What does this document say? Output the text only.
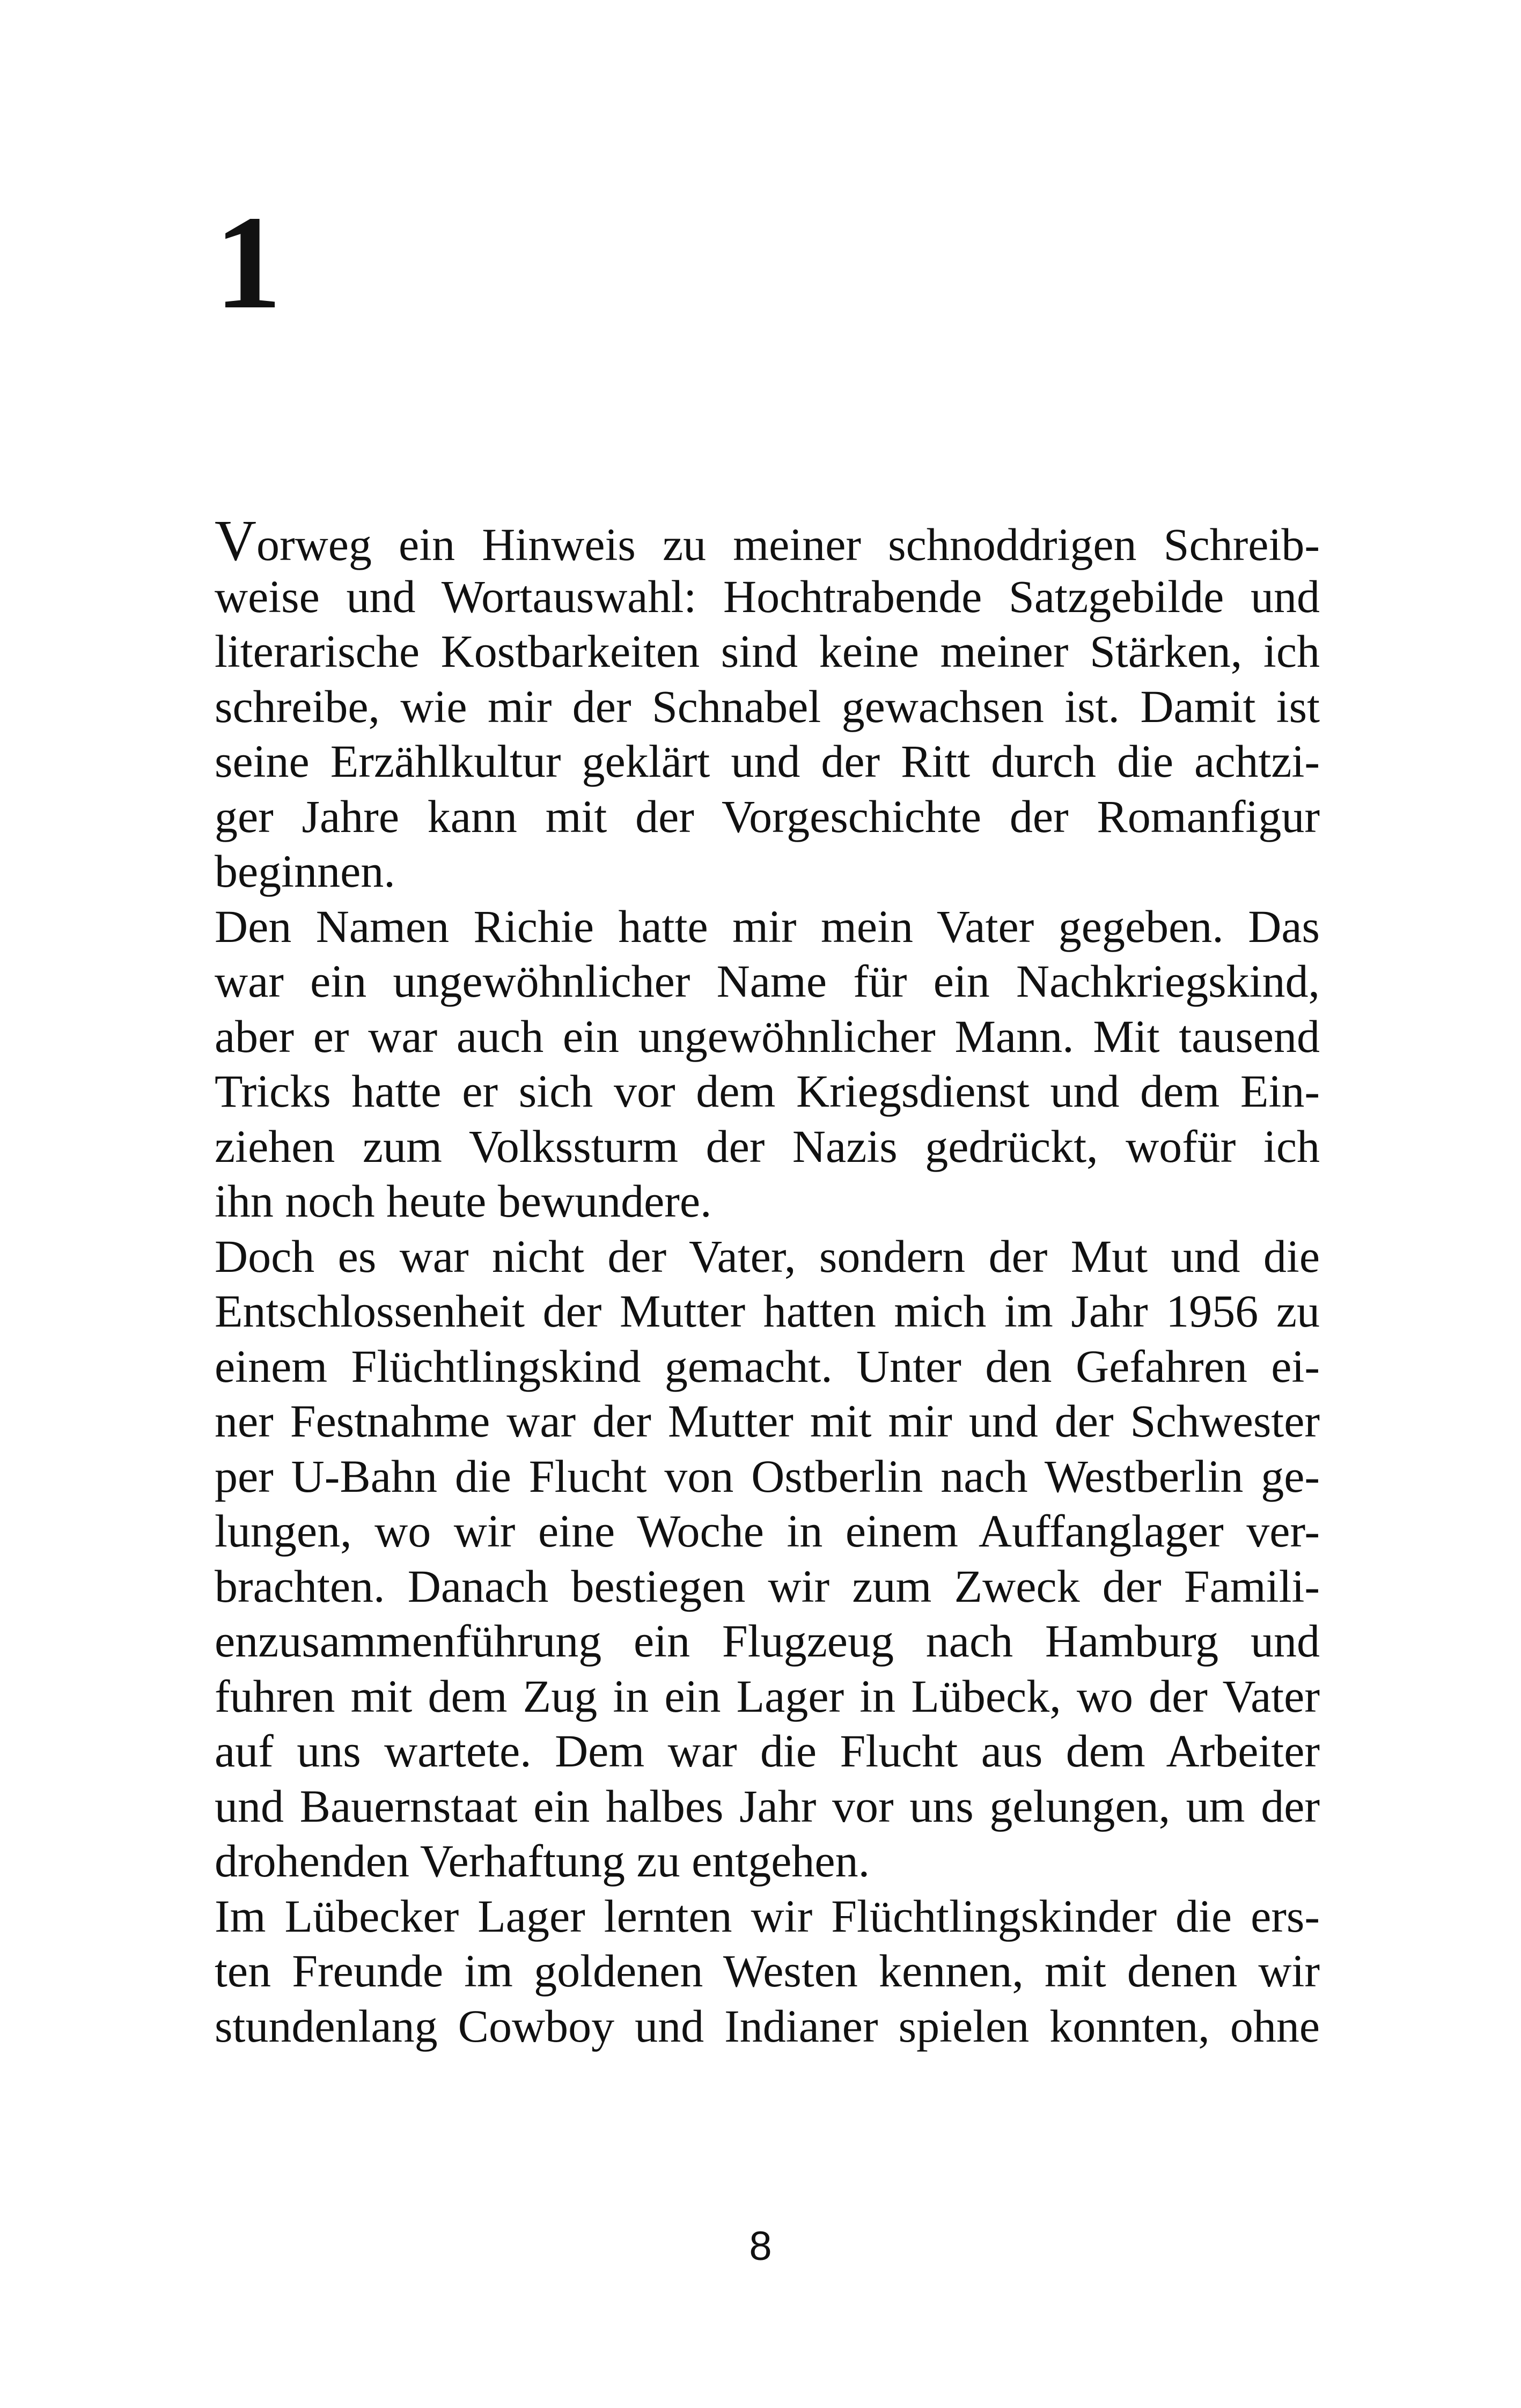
1
Vorweg ein Hinweis zu meiner schnoddrigen Schreib-
weise und Wortauswahl: Hochtrabende Satzgebilde und
literarische Kostbarkeiten sind keine meiner Stärken, ich
schreibe, wie mir der Schnabel gewachsen ist. Damit ist
seine Erzählkultur geklärt und der Ritt durch die achtzi-
ger Jahre kann mit der Vorgeschichte der Romanfigur
beginnen.
Den Namen Richie hatte mir mein Vater gegeben. Das
war ein ungewöhnlicher Name für ein Nachkriegskind,
aber er war auch ein ungewöhnlicher Mann. Mit tausend
Tricks hatte er sich vor dem Kriegsdienst und dem Ein-
ziehen zum Volkssturm der Nazis gedrückt, wofür ich
ihn noch heute bewundere.
Doch es war nicht der Vater, sondern der Mut und die
Entschlossenheit der Mutter hatten mich im Jahr 1956 zu
einem Flüchtlingskind gemacht. Unter den Gefahren ei-
ner Festnahme war der Mutter mit mir und der Schwester
per U-Bahn die Flucht von Ostberlin nach Westberlin ge-
lungen, wo wir eine Woche in einem Auffanglager ver-
brachten. Danach bestiegen wir zum Zweck der Famili-
enzusammenführung ein Flugzeug nach Hamburg und
fuhren mit dem Zug in ein Lager in Lübeck, wo der Vater
auf uns wartete. Dem war die Flucht aus dem Arbeiter
und Bauernstaat ein halbes Jahr vor uns gelungen, um der
drohenden Verhaftung zu entgehen.
Im Lübecker Lager lernten wir Flüchtlingskinder die ers-
ten Freunde im goldenen Westen kennen, mit denen wir
stundenlang Cowboy und Indianer spielen konnten, ohne
8
